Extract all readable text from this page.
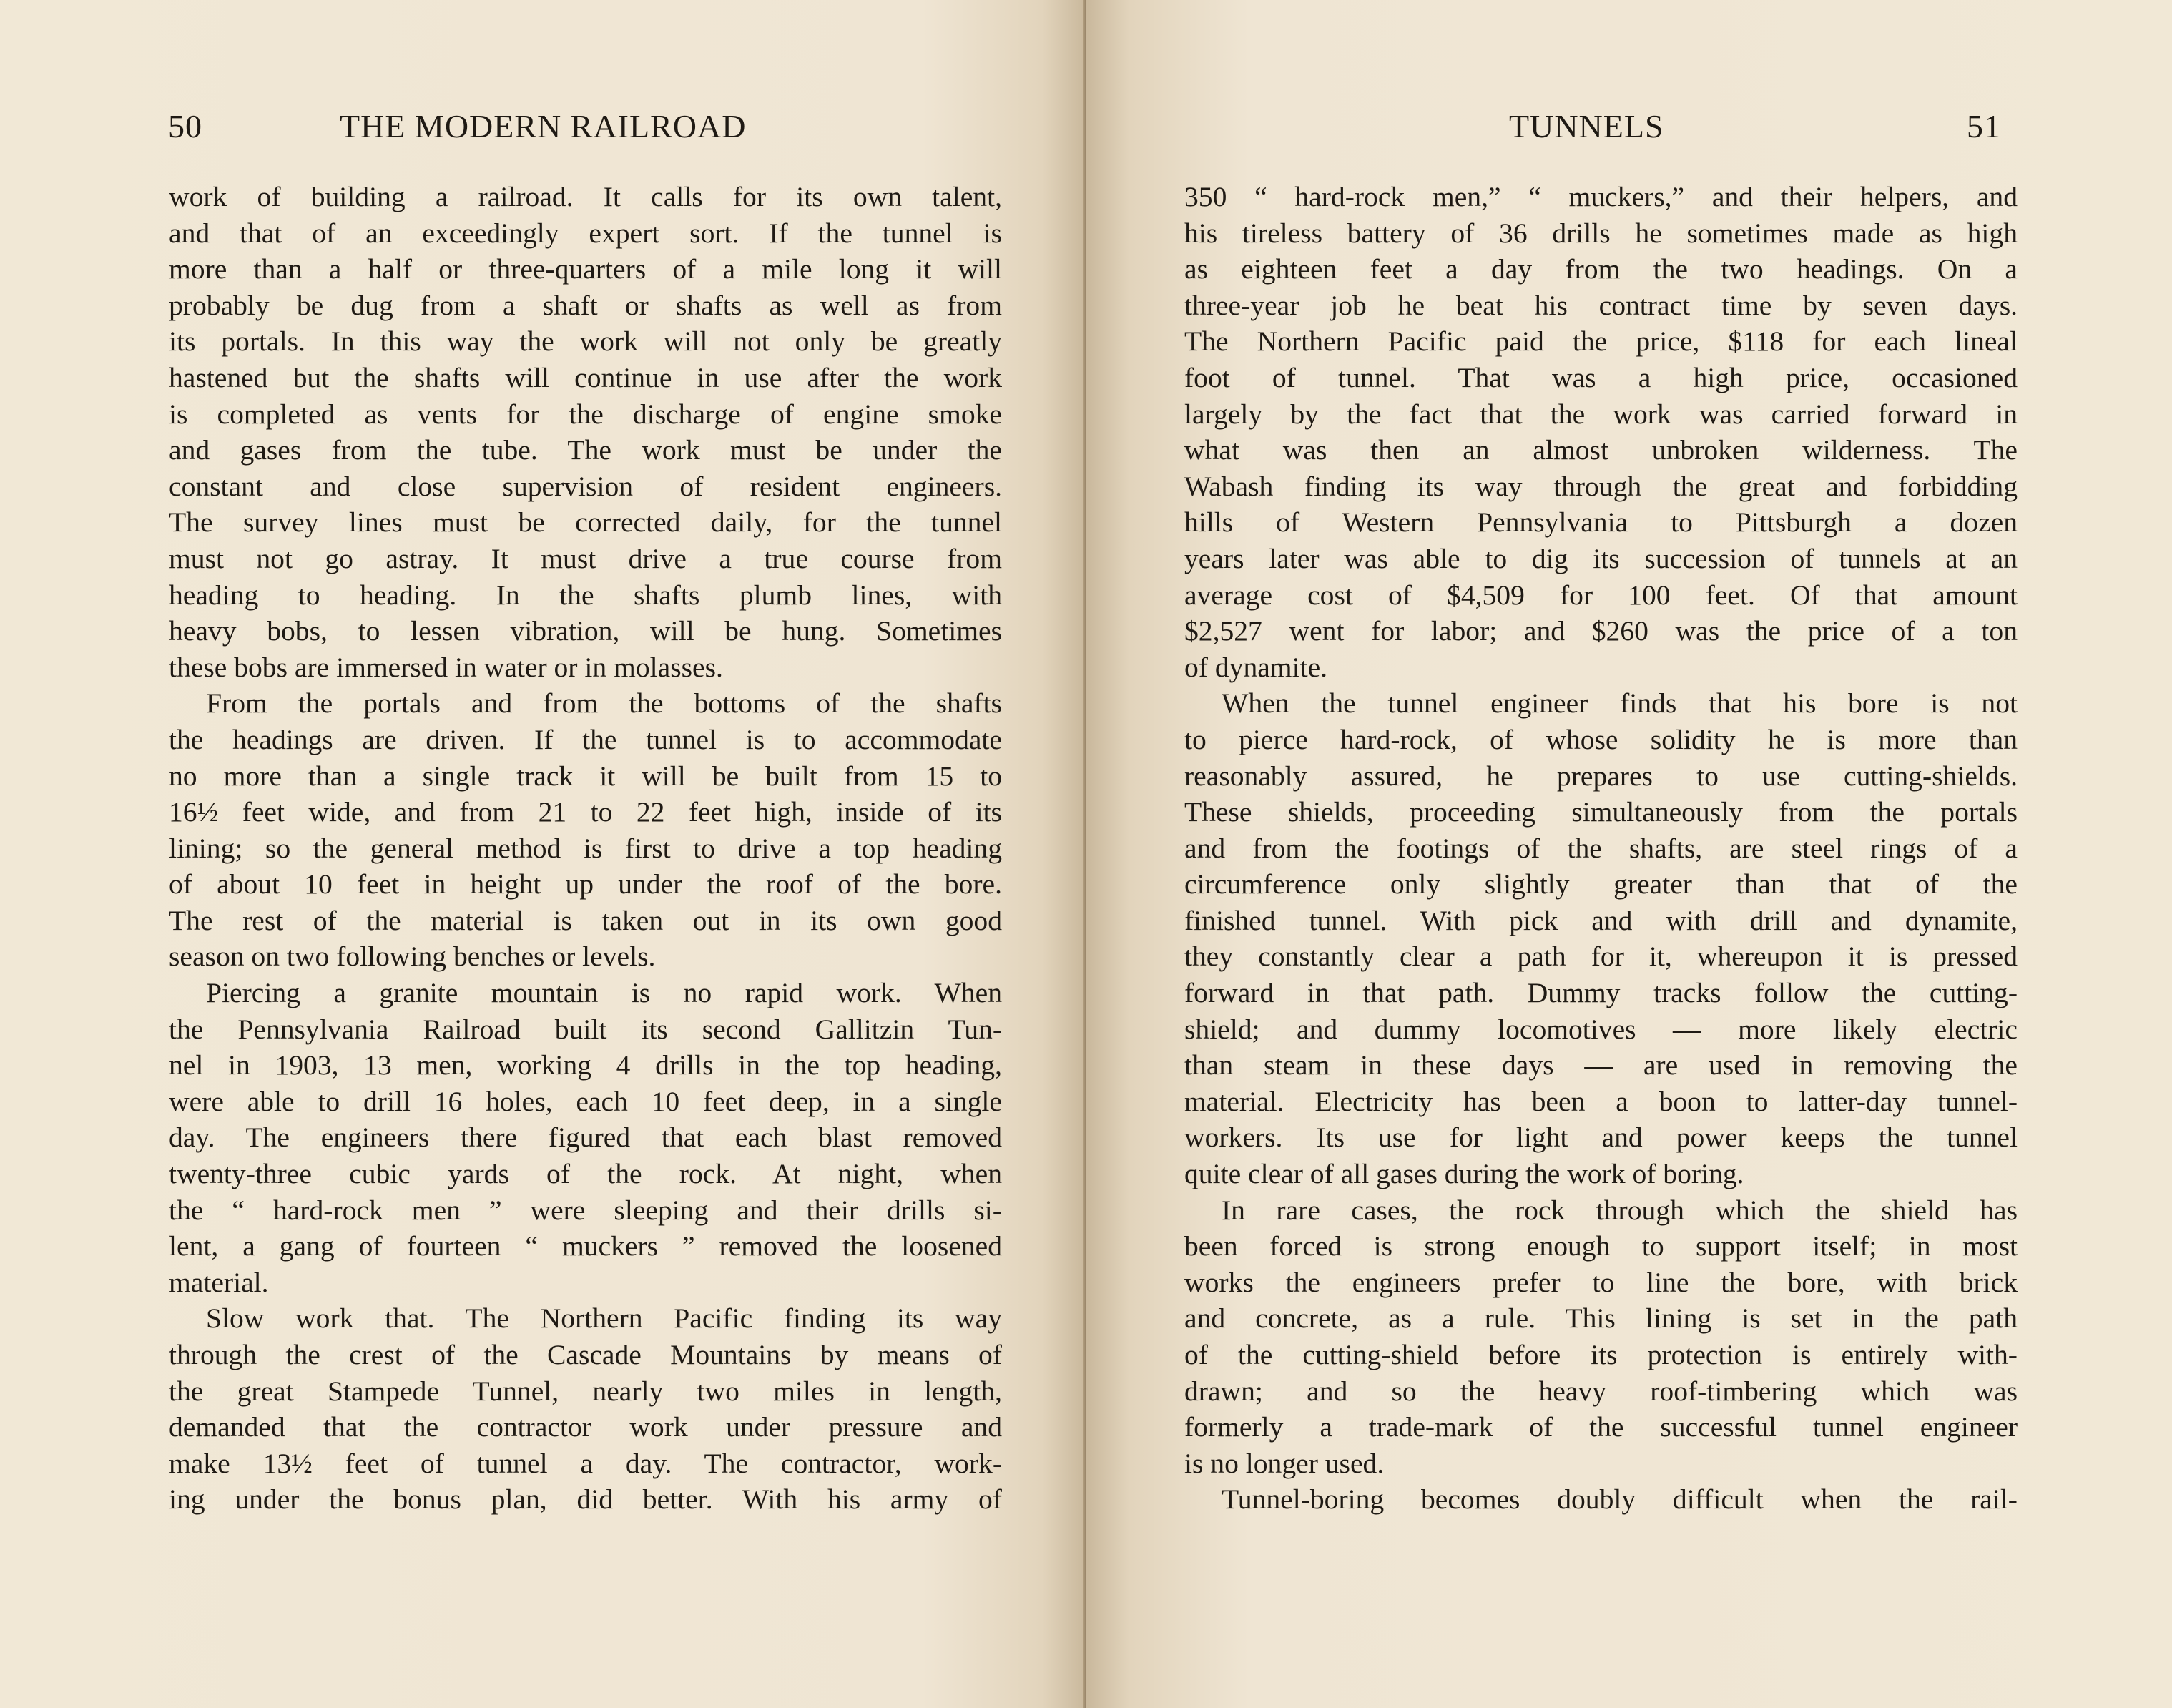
50	THE MODERN RAILROAD
work of building a railroad. It calls for its own talent,
and that of an exceedingly expert sort. If the tunnel is
more than a half or three-quarters of a mile long it will
probably be dug from a shaft or shafts as well as from
its portals. In this way the work will not only be greatly
hastened but the shafts will continue in use after the work
is completed as vents for the discharge of engine smoke
and gases from the tube. The work must be under the
constant and close supervision of resident engineers.
The survey lines must be corrected daily, for the tunnel
must not go astray. It must drive a true course from
heading to heading. In the shafts plumb lines, with
heavy bobs, to lessen vibration, will be hung. Sometimes
these bobs are immersed in water or in molasses.
From the portals and from the bottoms of the shafts
the headings are driven. If the tunnel is to accommodate
no more than a single track it will be built from 15 to
16½ feet wide, and from 21 to 22 feet high, inside of its
lining; so the general method is first to drive a top heading
of about 10 feet in height up under the roof of the bore.
The rest of the material is taken out in its own good
season on two following benches or levels.
Piercing a granite mountain is no rapid work. When
the Pennsylvania Railroad built its second Gallitzin Tun-
nel in 1903, 13 men, working 4 drills in the top heading,
were able to drill 16 holes, each 10 feet deep, in a single
day. The engineers there figured that each blast removed
twenty-three cubic yards of the rock. At night, when
the “ hard-rock men ” were sleeping and their drills si-
lent, a gang of fourteen “ muckers ” removed the loosened
material.
Slow work that. The Northern Pacific finding its way
through the crest of the Cascade Mountains by means of
the great Stampede Tunnel, nearly two miles in length,
demanded that the contractor work under pressure and
make 13½ feet of tunnel a day. The contractor, work-
ing under the bonus plan, did better. With his army of
TUNNELS	51
350 “ hard-rock men,” “ muckers,” and their helpers, and
his tireless battery of 36 drills he sometimes made as high
as eighteen feet a day from the two headings. On a
three-year job he beat his contract time by seven days.
The Northern Pacific paid the price, $118 for each lineal
foot of tunnel. That was a high price, occasioned
largely by the fact that the work was carried forward in
what was then an almost unbroken wilderness. The
Wabash finding its way through the great and forbidding
hills of Western Pennsylvania to Pittsburgh a dozen
years later was able to dig its succession of tunnels at an
average cost of $4,509 for 100 feet. Of that amount
$2,527 went for labor; and $260 was the price of a ton
of dynamite.
When the tunnel engineer finds that his bore is not
to pierce hard-rock, of whose solidity he is more than
reasonably assured, he prepares to use cutting-shields.
These shields, proceeding simultaneously from the portals
and from the footings of the shafts, are steel rings of a
circumference only slightly greater than that of the
finished tunnel. With pick and with drill and dynamite,
they constantly clear a path for it, whereupon it is pressed
forward in that path. Dummy tracks follow the cutting-
shield; and dummy locomotives — more likely electric
than steam in these days — are used in removing the
material. Electricity has been a boon to latter-day tunnel-
workers. Its use for light and power keeps the tunnel
quite clear of all gases during the work of boring.
In rare cases, the rock through which the shield has
been forced is strong enough to support itself; in most
works the engineers prefer to line the bore, with brick
and concrete, as a rule. This lining is set in the path
of the cutting-shield before its protection is entirely with-
drawn; and so the heavy roof-timbering which was
formerly a trade-mark of the successful tunnel engineer
is no longer used.
Tunnel-boring becomes doubly difficult when the rail-
